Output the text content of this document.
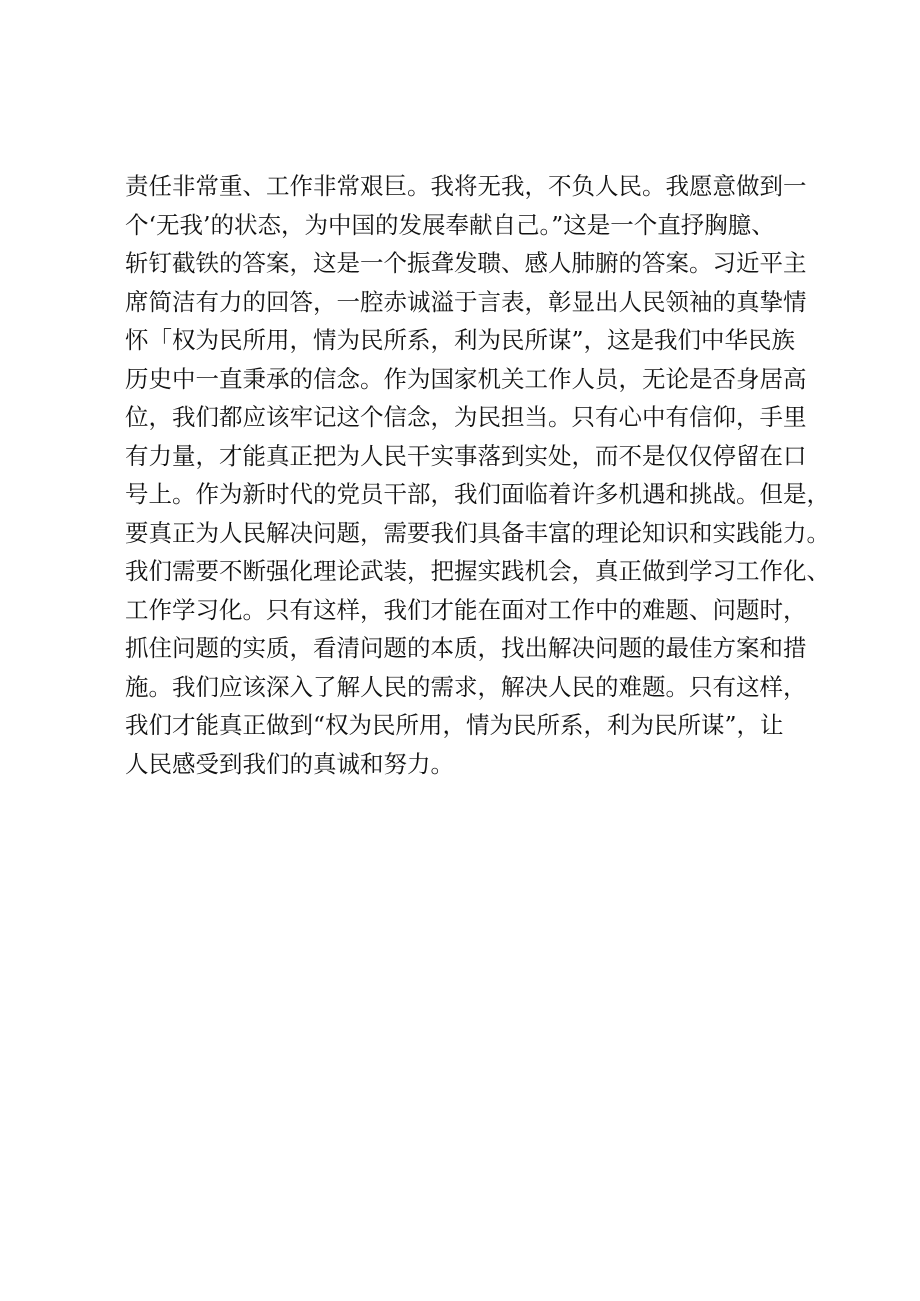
责任非常重、工作非常艰巨。我将无我，不负人民。我愿意做到一
个‘无我’的状态，为中国的发展奉献自己。”这是一个直抒胸臆、
斩钉截铁的答案，这是一个振聋发聩、感人肺腑的答案。习近平主
席简洁有力的回答，一腔赤诚溢于言表，彰显出人民领袖的真挚情
怀「权为民所用，情为民所系，利为民所谋”，这是我们中华民族
历史中一直秉承的信念。作为国家机关工作人员，无论是否身居高
位，我们都应该牢记这个信念，为民担当。只有心中有信仰，手里
有力量，才能真正把为人民干实事落到实处，而不是仅仅停留在口
号上。作为新时代的党员干部，我们面临着许多机遇和挑战。但是，
要真正为人民解决问题，需要我们具备丰富的理论知识和实践能力。
我们需要不断强化理论武装，把握实践机会，真正做到学习工作化、
工作学习化。只有这样，我们才能在面对工作中的难题、问题时，
抓住问题的实质，看清问题的本质，找出解决问题的最佳方案和措
施。我们应该深入了解人民的需求，解决人民的难题。只有这样，
我们才能真正做到“权为民所用，情为民所系，利为民所谋”，让
人民感受到我们的真诚和努力。
